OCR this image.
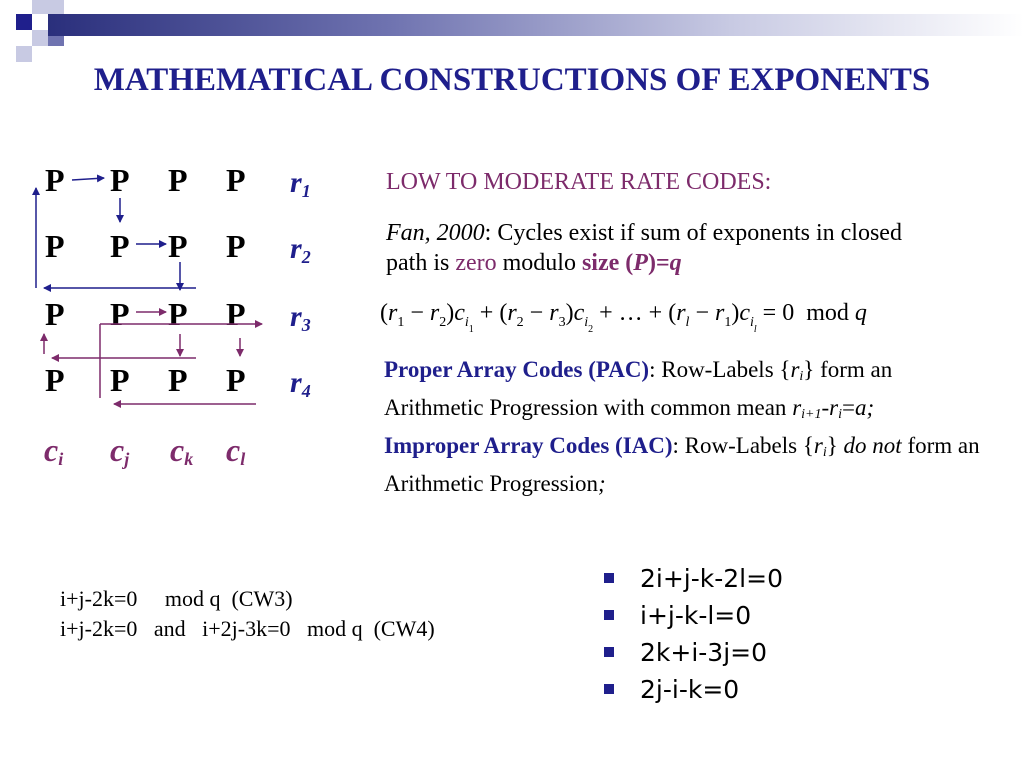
MATHEMATICAL CONSTRUCTIONS OF EXPONENTS
P P P P
P P P P
P P P P
P P P P
$r_1$
$r_2$
$r_3$
$r_4$
$c_i$ $c_j$ $c_k$ $c_l$
LOW TO MODERATE RATE CODES:
Fan, 2000: Cycles exist if sum of exponents in closed path is zero modulo size (P)=q
$(r_1 - r_2)c_{i_1} + (r_2 - r_3)c_{i_2}$ + … + $(r_l - r_1)c_{i_l} = 0$ mod q
Proper Array Codes (PAC): Row-Labels $\{r_i\}$ form an Arithmetic Progression with common mean $r_{i+1}-r_i=a$;
Improper Array Codes (IAC): Row-Labels $\{r_i\}$ do not form an Arithmetic Progression;
i+j-2k=0     mod q  (CW3)
i+j-2k=0   and   i+2j-3k=0   mod q  (CW4)
2i+j-k-2l=0
i+j-k-l=0
2k+i-3j=0
2j-i-k=0
